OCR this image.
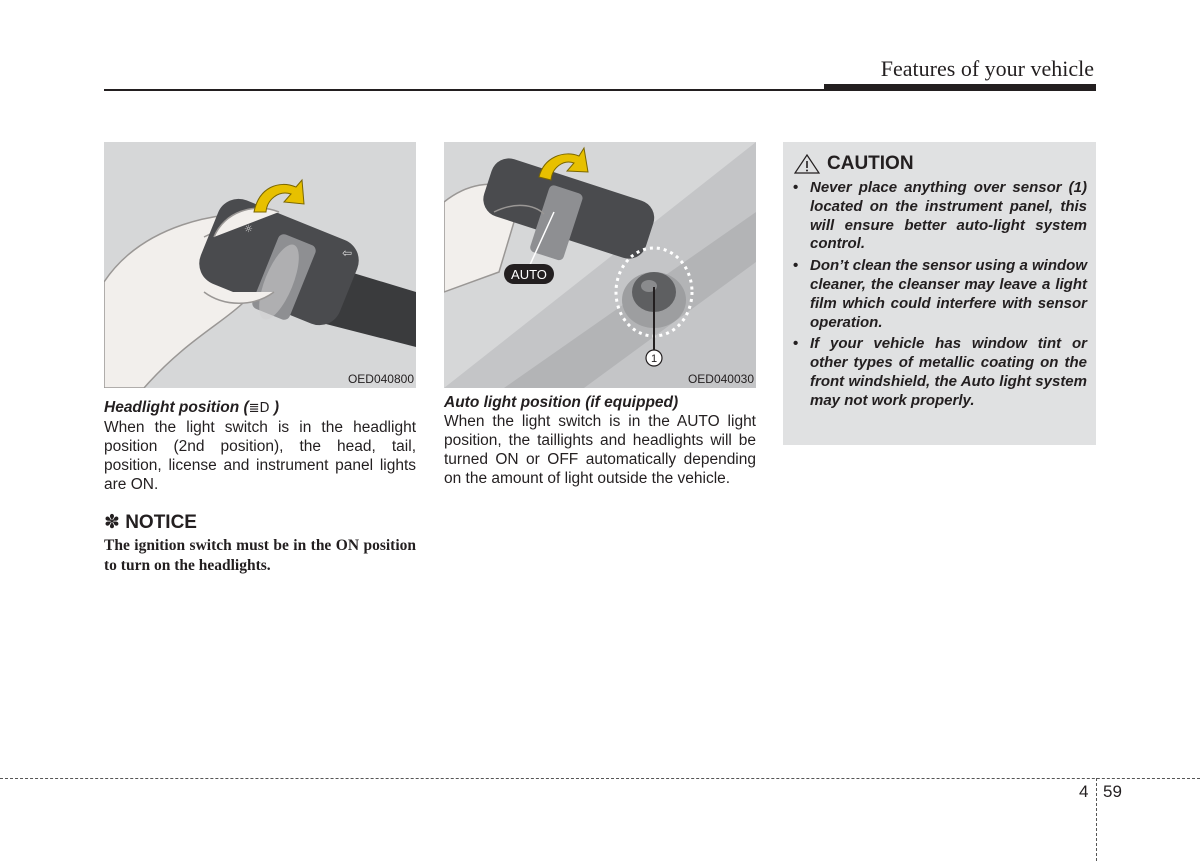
Features of your vehicle
☼
⇦
OED040800
AUTO
1
OED040030
Headlight position (≣D )

When the light switch is in the headlight position (2nd position), the head, tail, position, license and instrument panel lights are ON.

✽ NOTICE

The ignition switch must be in the ON position to turn on the headlights.

Auto light position (if equipped)

When the light switch is in the AUTO light position, the taillights and headlights will be turned ON or OFF automatically depending on the amount of light outside the vehicle.

CAUTION
• Never place anything over sensor (1) located on the instrument panel, this will ensure better auto-light system control.
• Don’t clean the sensor using a window cleaner, the cleanser may leave a light film which could interfere with sensor operation.
• If your vehicle has window tint or other types of metallic coating on the front windshield, the Auto light system may not work properly.
4 59
